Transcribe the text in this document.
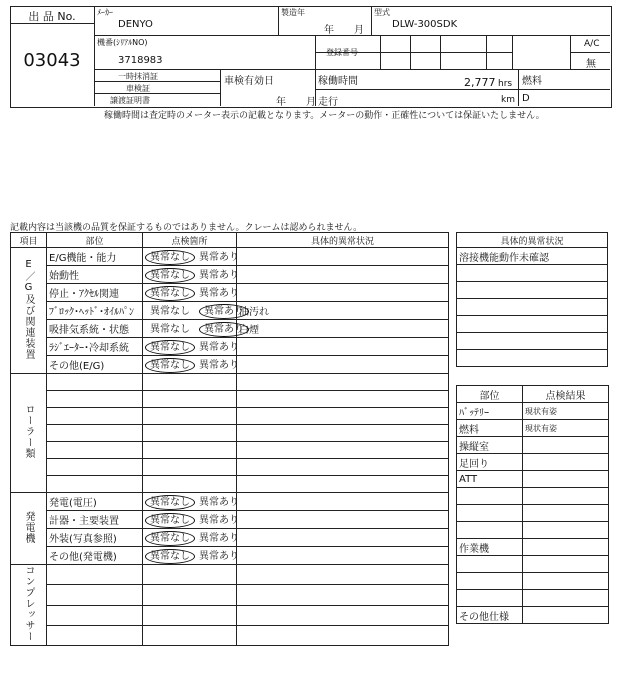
出 品 No.
03043
ﾒｰｶｰ
DENYO
製造年
年 月
型式
DLW-300SDK
機番(ｼﾘｱﾙNO)
3718983
登録番号
A/C
無
一時抹消証
車検証
譲渡証明書
車検有効日
年 月
稼働時間	2,777 hrs
走行	km
燃料
D
稼働時間は査定時のメーター表示の記載となります。メーターの動作・正確性については保証いたしません。
記載内容は当該機の品質を保証するものではありません。クレームは認められません。
項目	部位	点検箇所	具体的異常状況
E／G及び関連装置	E/G機能・能力	異常なし 異常あり	
	始動性	異常なし 異常あり	
	停止・ｱｸｾﾙ関連	異常なし 異常あり	
	ﾌﾞﾛｯｸ･ﾍｯﾄﾞ･ｵｲﾙﾊﾟﾝ	異常なし 異常あり	油汚れ
	吸排気系統・状態	異常なし 異常あり	白煙
	ﾗｼﾞｴｰﾀｰ･冷却系統	異常なし 異常あり	
	その他(E/G)	異常なし 異常あり	
ローラー類			

発電機	発電(電圧)	異常なし 異常あり	
	計器・主要装置	異常なし 異常あり	
	外装(写真参照)	異常なし 異常あり	
	その他(発電機)	異常なし 異常あり	
コンプレッサー			

具体的異常状況
溶接機能動作未確認

部位	点検結果
ﾊﾞｯﾃﾘｰ	現状有姿
燃料	現状有姿
操縦室	
足回り	
ATT	

作業機	

その他仕様	
